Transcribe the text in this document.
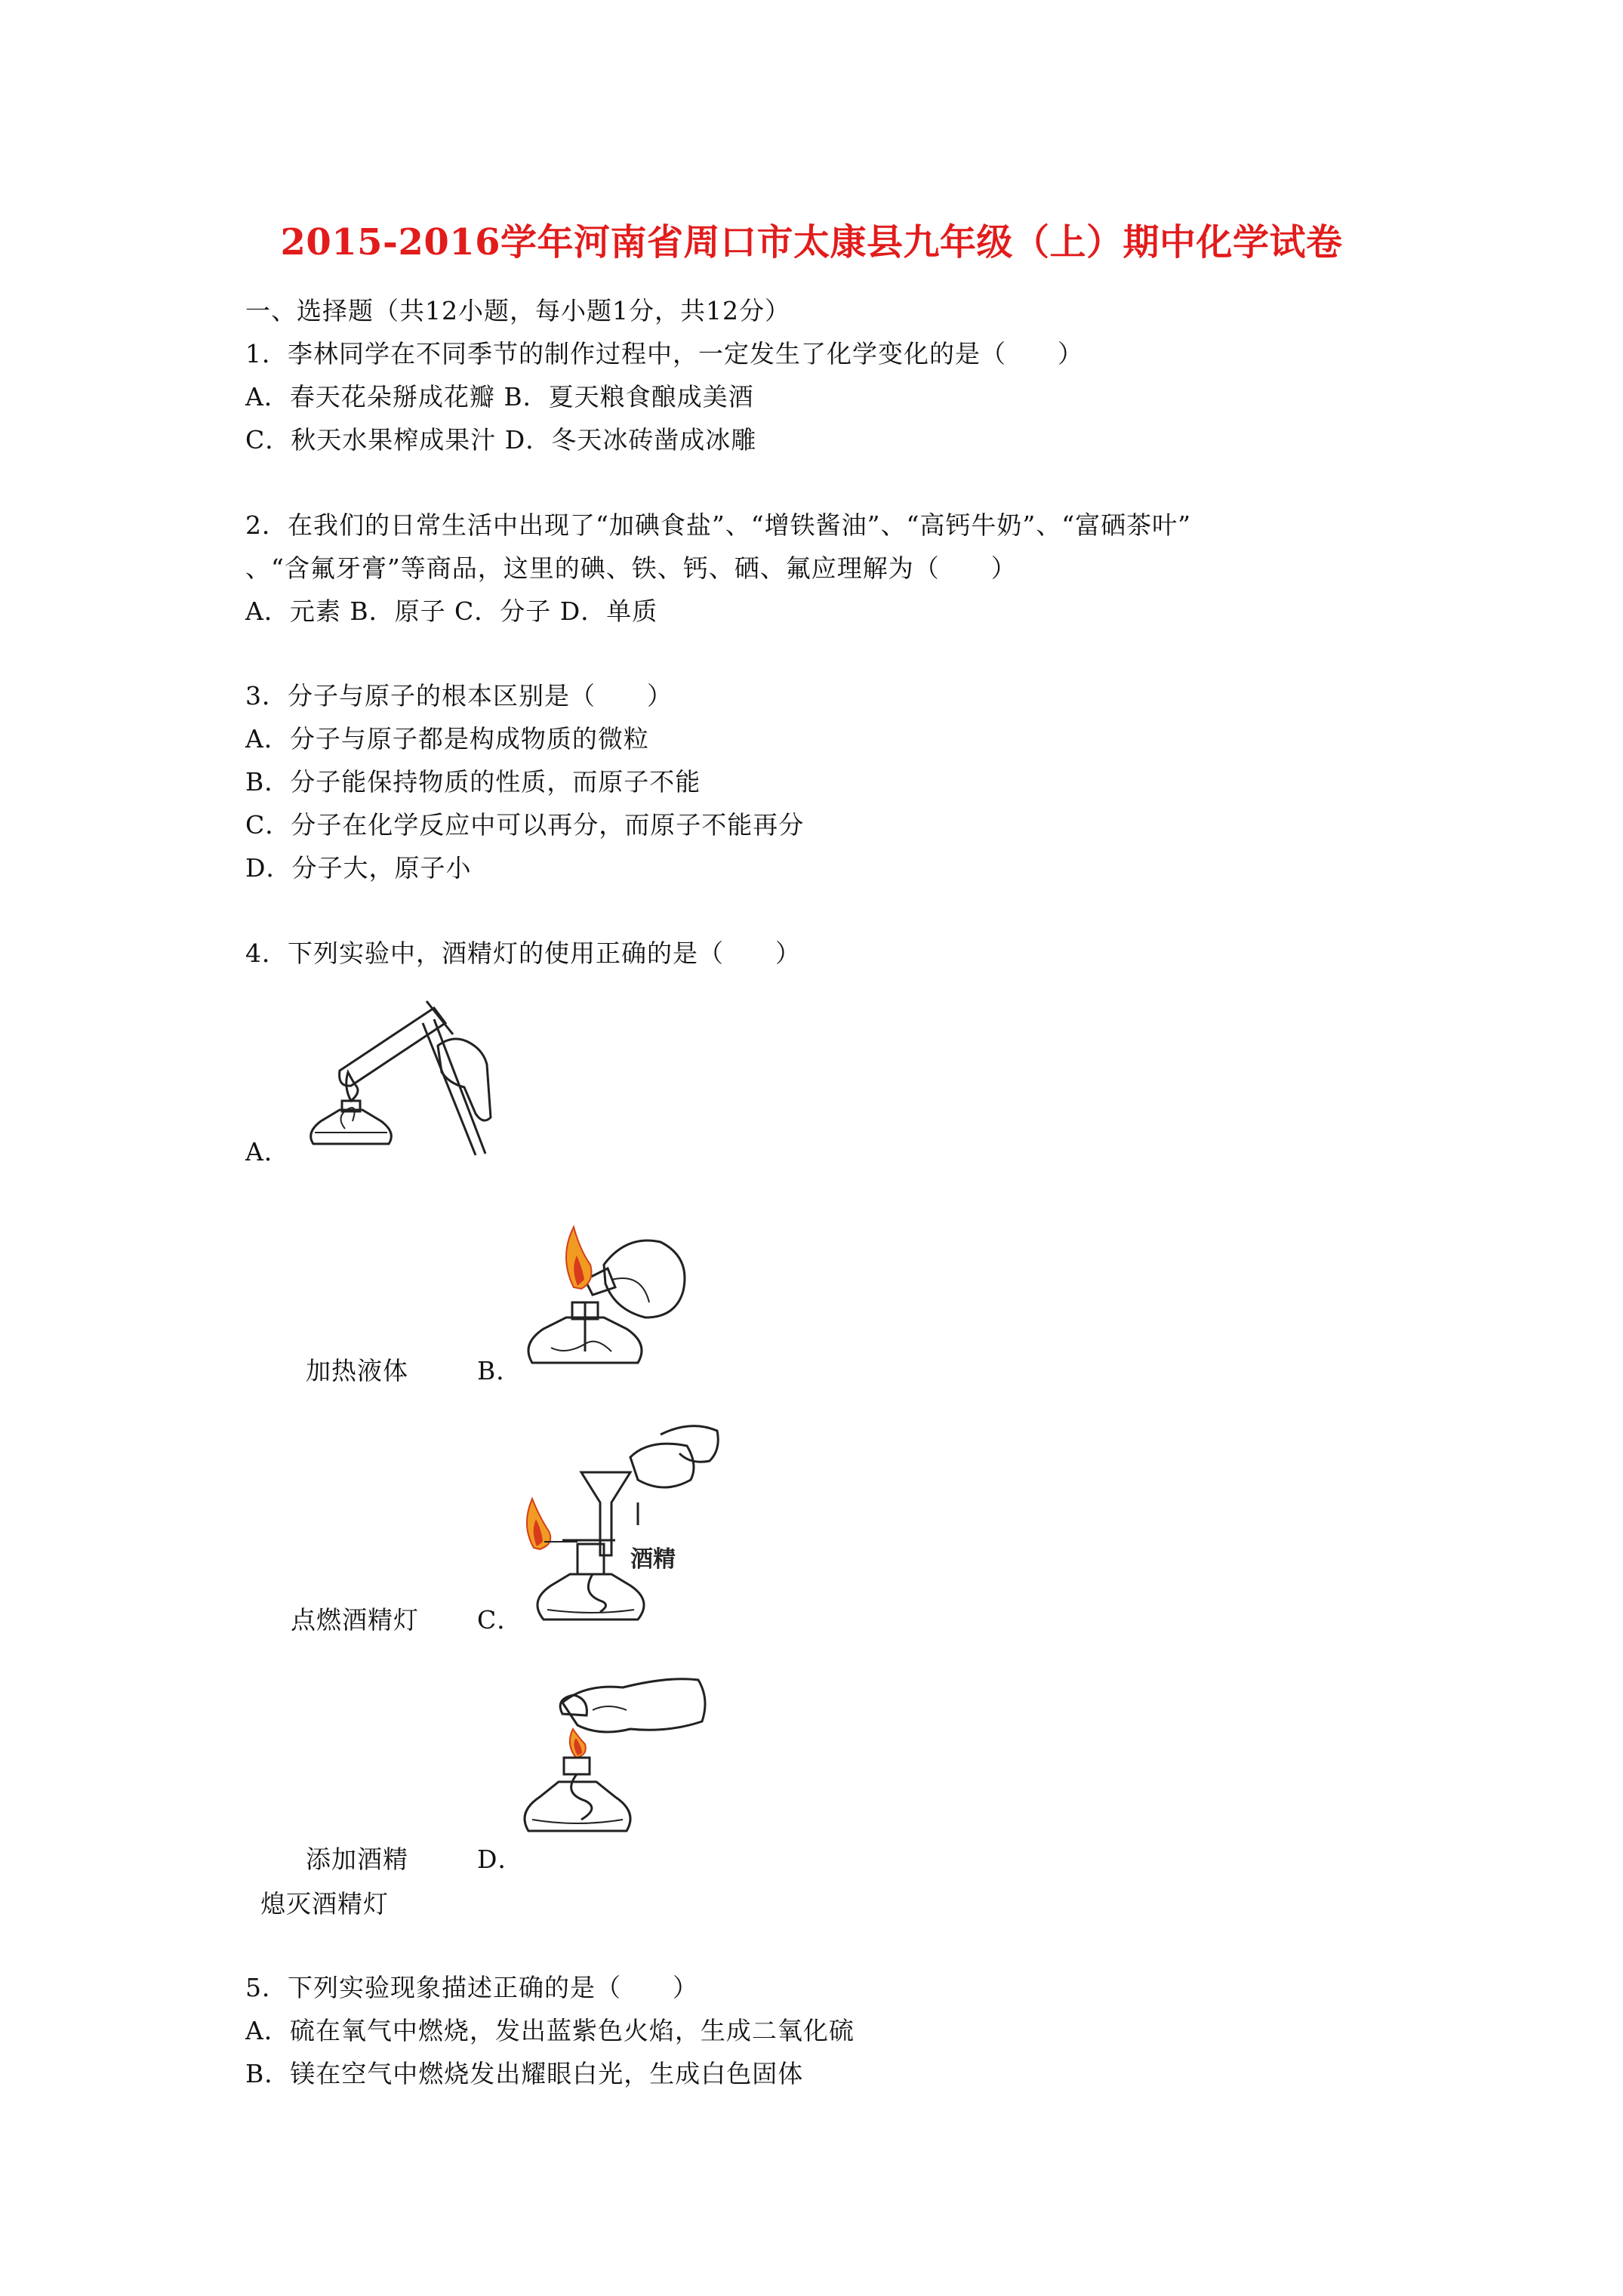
2015-2016学年河南省周口市太康县九年级（上）期中化学试卷
一、选择题（共12小题，每小题1分，共12分）
1．李林同学在不同季节的制作过程中，一定发生了化学变化的是（　　）
A．春天花朵掰成花瓣 B．夏天粮食酿成美酒
C．秋天水果榨成果汁 D．冬天冰砖凿成冰雕
2．在我们的日常生活中出现了“加碘食盐”、“增铁酱油”、“高钙牛奶”、“富硒茶叶”
、“含氟牙膏”等商品，这里的碘、铁、钙、硒、氟应理解为（　　）
A．元素 B．原子 C．分子 D．单质
3．分子与原子的根本区别是（　　）
A．分子与原子都是构成物质的微粒
B．分子能保持物质的性质，而原子不能
C．分子在化学反应中可以再分，而原子不能再分
D．分子大，原子小
4．下列实验中，酒精灯的使用正确的是（　　）
A．
加热液体	B．
酒精
点燃酒精灯 C．
添加酒精	D．
熄灭酒精灯
5．下列实验现象描述正确的是（　　）
A．硫在氧气中燃烧，发出蓝紫色火焰，生成二氧化硫
B．镁在空气中燃烧发出耀眼白光，生成白色固体
